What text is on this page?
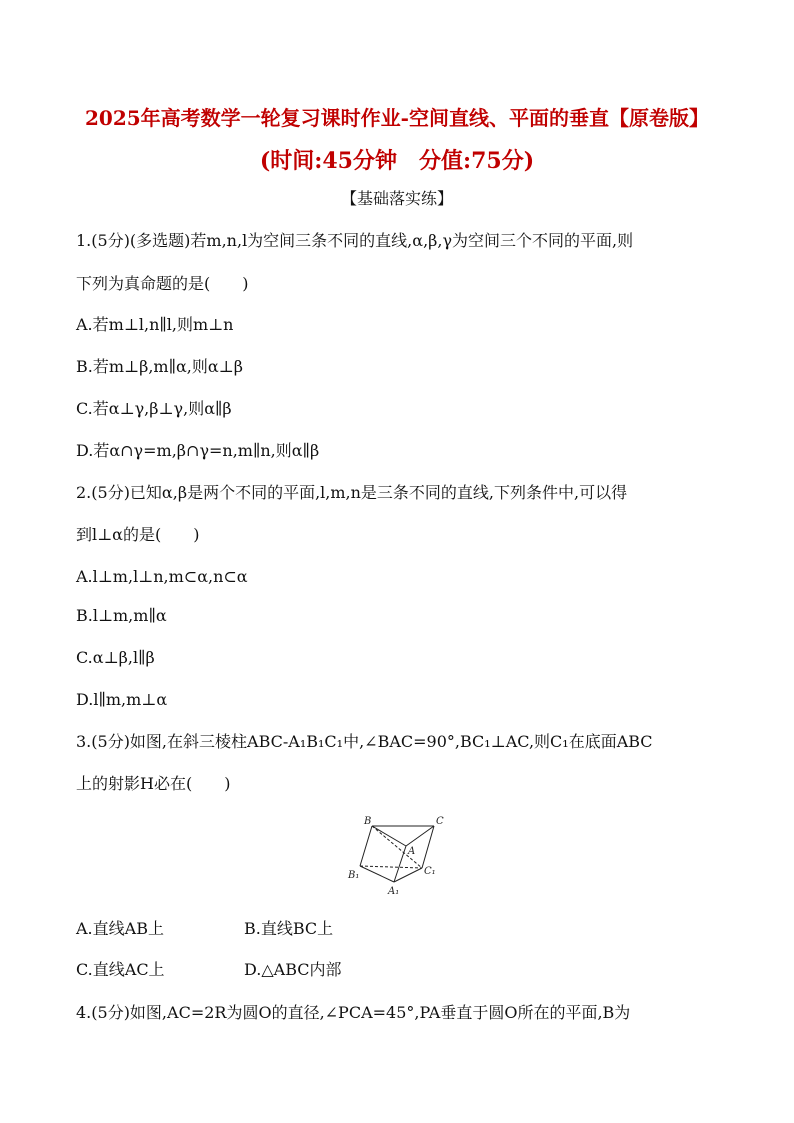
2025年高考数学一轮复习课时作业-空间直线、平面的垂直【原卷版】
(时间:45分钟　分值:75分)
【基础落实练】
1.(5分)(多选题)若m,n,l为空间三条不同的直线,α,β,γ为空间三个不同的平面,则
下列为真命题的是(　　)
A.若m⊥l,n∥l,则m⊥n
B.若m⊥β,m∥α,则α⊥β
C.若α⊥γ,β⊥γ,则α∥β
D.若α∩γ=m,β∩γ=n,m∥n,则α∥β
2.(5分)已知α,β是两个不同的平面,l,m,n是三条不同的直线,下列条件中,可以得
到l⊥α的是(　　)
A.l⊥m,l⊥n,m⊂α,n⊂α
B.l⊥m,m∥α
C.α⊥β,l∥β
D.l∥m,m⊥α
3.(5分)如图,在斜三棱柱ABC-A₁B₁C₁中,∠BAC=90°,BC₁⊥AC,则C₁在底面ABC
上的射影H必在(　　)
B	C
A
B₁
A₁
C₁
A.直线AB上	B.直线BC上
C.直线AC上	D.△ABC内部
4.(5分)如图,AC=2R为圆O的直径,∠PCA=45°,PA垂直于圆O所在的平面,B为
